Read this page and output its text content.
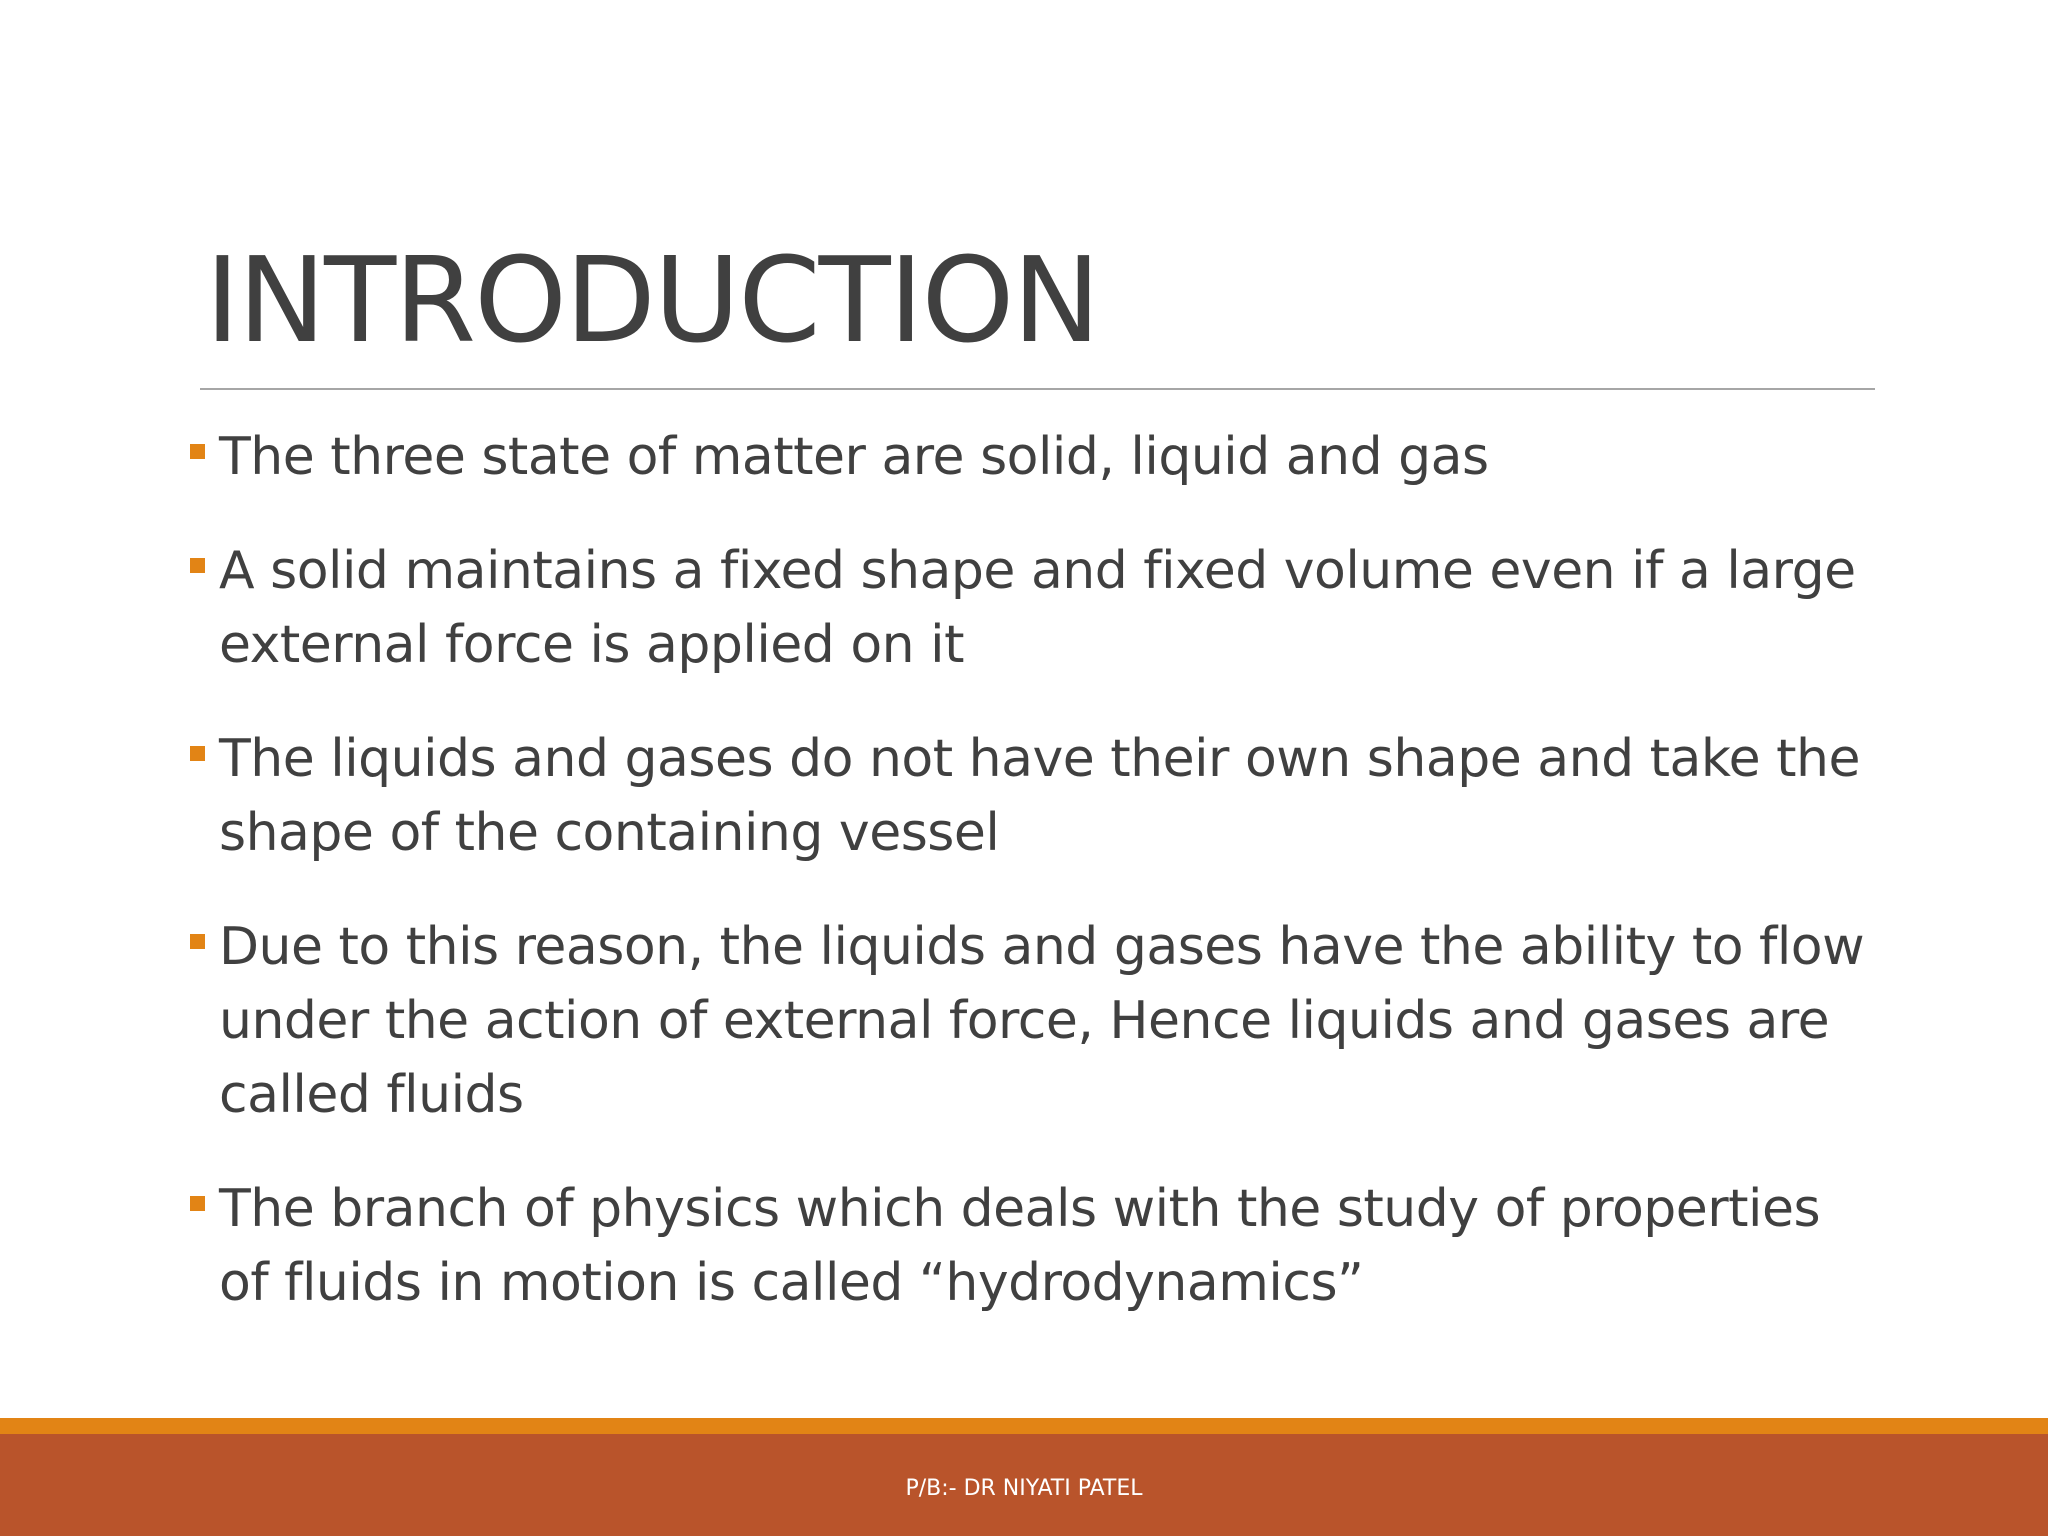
INTRODUCTION
The three state of matter are solid, liquid and gas
A solid maintains a fixed shape and fixed volume even if a large external force is applied on it
The liquids and gases do not have their own shape and take the shape of the containing vessel
Due to this reason, the liquids and gases have the ability to flow under the action of external force, Hence liquids and gases are called fluids
The branch of physics which deals with the study of properties of fluids in motion is called “hydrodynamics”
P/B:- DR NIYATI PATEL
